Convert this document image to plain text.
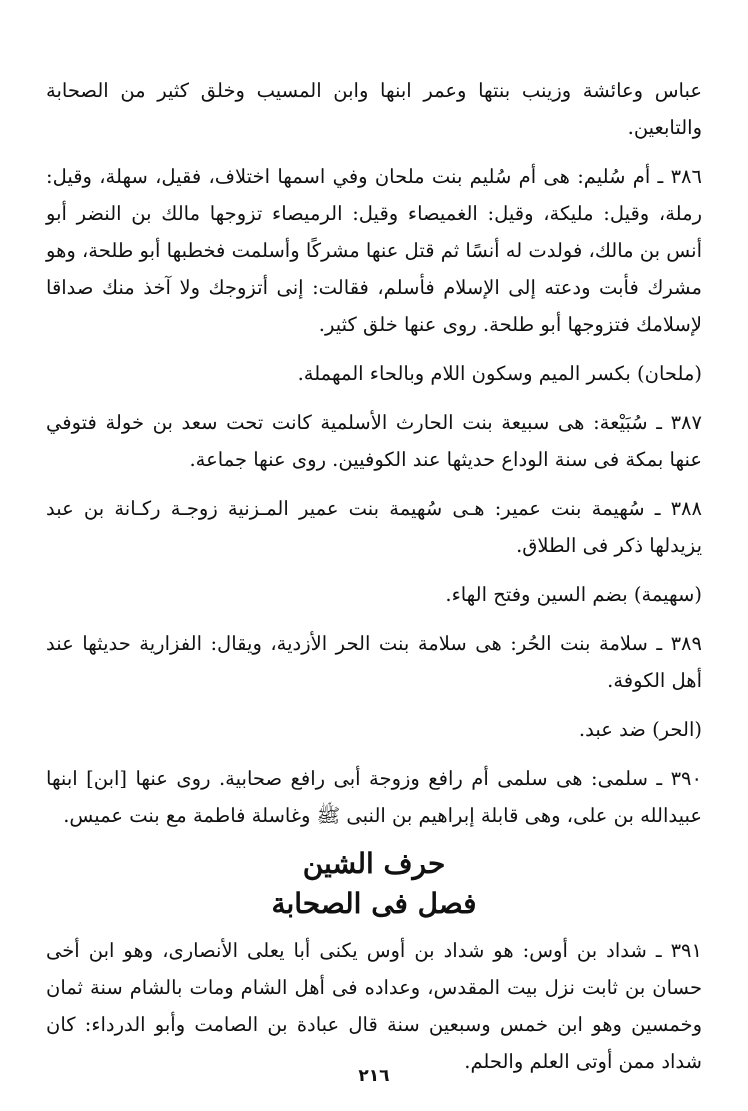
عباس وعائشة وزينب بنتها وعمر ابنها وابن المسيب وخلق كثير من الصحابة والتابعين.

٣٨٦ ـ أم سُليم: هى أم سُليم بنت ملحان وفي اسمها اختلاف، فقيل، سهلة، وقيل: رملة، وقيل: مليكة، وقيل: الغميصاء وقيل: الرميصاء تزوجها مالك بن النضر أبو أنس بن مالك، فولدت له أنسًا ثم قتل عنها مشركًا وأسلمت فخطبها أبو طلحة، وهو مشرك فأبت ودعته إلى الإسلام فأسلم، فقالت: إنى أتزوجك ولا آخذ منك صداقا لإسلامك فتزوجها أبو طلحة. روى عنها خلق كثير.

(ملحان) بكسر الميم وسكون اللام وبالحاء المهملة.

٣٨٧ ـ سُبَيْعة: هى سبيعة بنت الحارث الأسلمية كانت تحت سعد بن خولة فتوفي عنها بمكة فى سنة الوداع حديثها عند الكوفيين. روى عنها جماعة.

٣٨٨ ـ سُهيمة بنت عمير: هـى سُهيمة بنت عمير المـزنية زوجـة ركـانة بن عبد يزيدلها ذكر فى الطلاق.

(سهيمة) بضم السين وفتح الهاء.

٣٨٩ ـ سلامة بنت الحُر: هى سلامة بنت الحر الأزدية، ويقال: الفزارية حديثها عند أهل الكوفة.

(الحر) ضد عبد.

٣٩٠ ـ سلمى: هى سلمى أم رافع وزوجة أبى رافع صحابية. روى عنها [ابن] ابنها عبيدالله بن على، وهى قابلة إبراهيم بن النبى ﷺ وغاسلة فاطمة مع بنت عميس.

حرف الشين
فصل فى الصحابة

٣٩١ ـ شداد بن أوس: هو شداد بن أوس يكنى أبا يعلى الأنصارى، وهو ابن أخى حسان بن ثابت نزل بيت المقدس، وعداده فى أهل الشام ومات بالشام سنة ثمان وخمسين وهو ابن خمس وسبعين سنة قال عبادة بن الصامت وأبو الدرداء: كان شداد ممن أوتى العلم والحلم.

٢١٦
